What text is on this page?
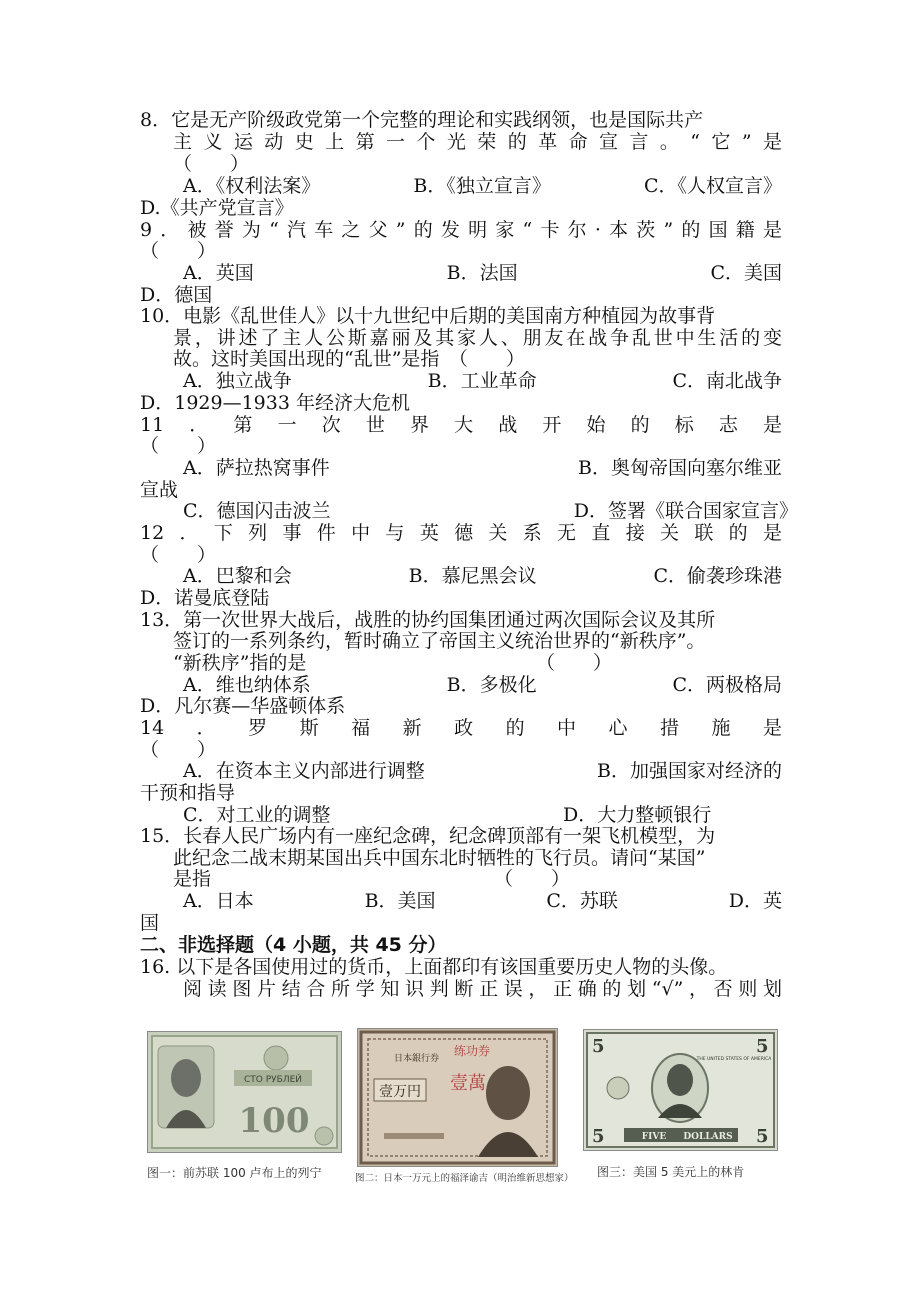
8．它是无产阶级政党第一个完整的理论和实践纲领，也是国际共产
主义运动史上第一个光荣的革命宣言。“它”是
（　　）
A．《权利法案》	B．《独立宣言》	C．《人权宣言》
D.《共产党宣言》
9．被誉为“汽车之父”的发明家“卡尔·本茨”的国籍是
（　　）
A．英国	B．法国	C．美国
D．德国
10．电影《乱世佳人》以十九世纪中后期的美国南方种植园为故事背
景，讲述了主人公斯嘉丽及其家人、朋友在战争乱世中生活的变
故。这时美国出现的“乱世”是指　（　　）
A．独立战争	B．工业革命	C．南北战争
D．1929—1933 年经济大危机
11．第一次世界大战开始的标志是
（　　）
A．萨拉热窝事件	B．奥匈帝国向塞尔维亚
宣战
C．德国闪击波兰	D．签署《联合国家宣言》
12．下列事件中与英德关系无直接关联的是
（　　）
A．巴黎和会	B．慕尼黑会议	C．偷袭珍珠港
D．诺曼底登陆
13．第一次世界大战后，战胜的协约国集团通过两次国际会议及其所
签订的一系列条约，暂时确立了帝国主义统治世界的“新秩序”。
“新秩序”指的是	（　　）
A．维也纳体系	B．多极化	C．两极格局
D．凡尔赛—华盛顿体系
14．罗斯福新政的中心措施是
（　　）
A．在资本主义内部进行调整	B．加强国家对经济的
干预和指导
C．对工业的调整	D．大力整顿银行
15．长春人民广场内有一座纪念碑，纪念碑顶部有一架飞机模型，为
此纪念二战末期某国出兵中国东北时牺牲的飞行员。请问“某国”
是指	（　　）
A．日本	B．美国	C．苏联	D．英
国
二、非选择题（4 小题，共 45 分）
16. 以下是各国使用过的货币，上面都印有该国重要历史人物的头像。
阅读图片结合所学知识判断正误，正确的划“√”，否则划
СТО РУБЛЕЙ
100
日本銀行券
壹万円
练功券
壹萬
5	5
5	5
THE UNITED STATES OF AMERICA
FIVE DOLLARS
图一：前苏联 100 卢布上的列宁	图二：日本一万元上的福泽谕吉（明治维新思想家） 图三：美国 5 美元上的林肯
